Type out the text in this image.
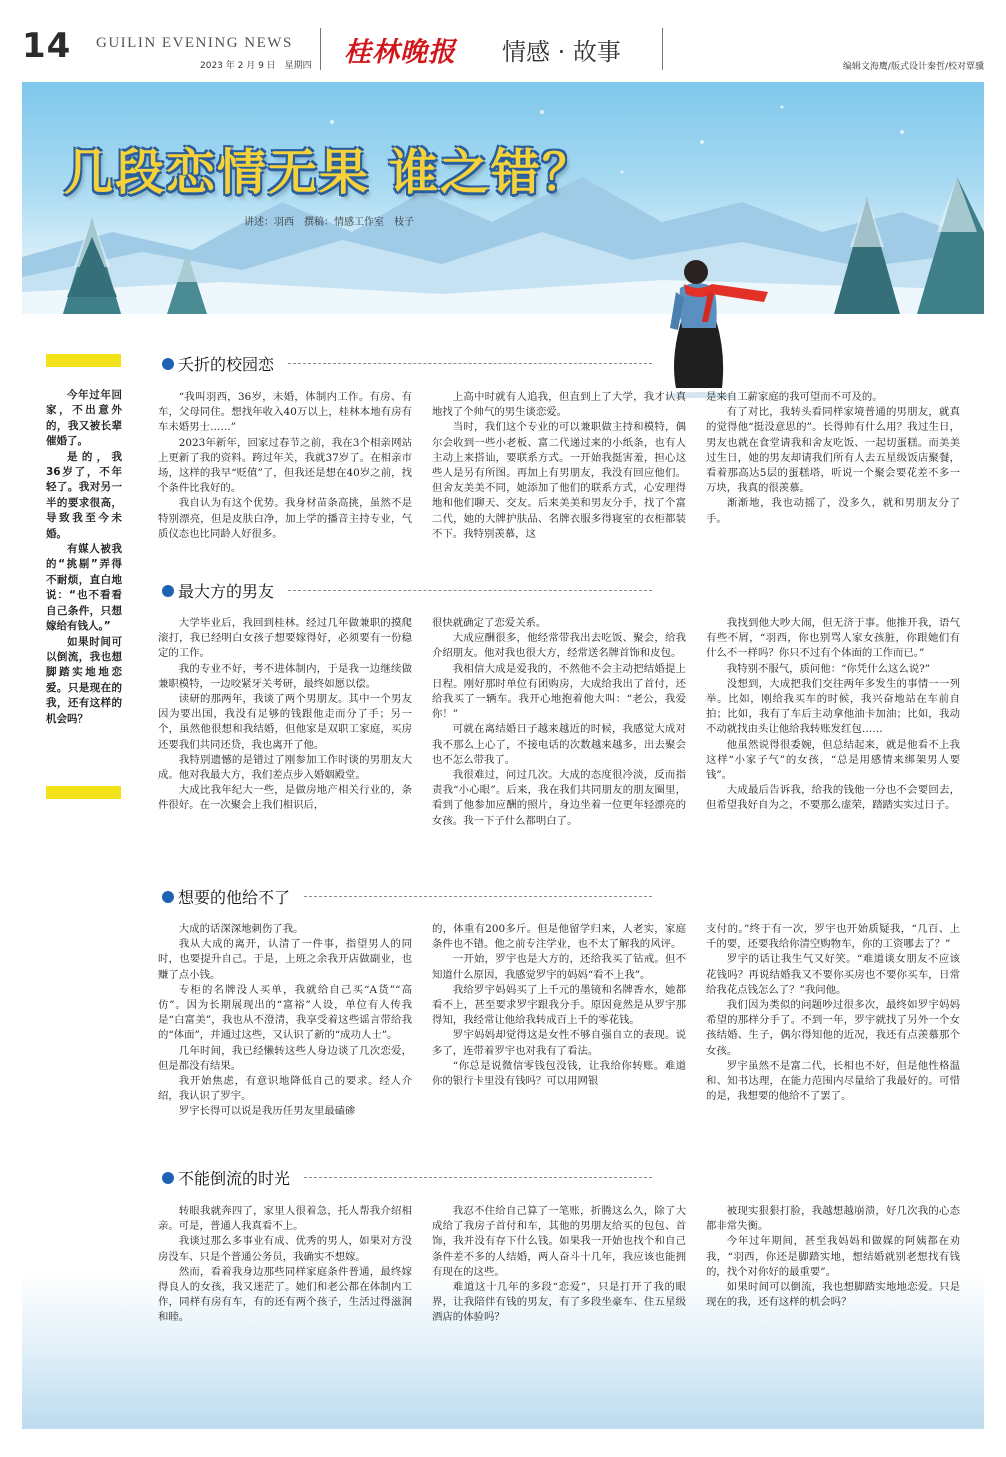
14 GUILIN EVENING NEWS
2023 年 2 月 9 日　星期四 桂林晚报 情感 · 故事
编辑文海鹰/版式设计秦哲/校对覃骥
几段恋情无果 谁之错？
讲述：羽西　撰稿：情感工作室　枝子

今年过年回家，不出意外的，我又被长辈催婚了。

是的，我36岁了，不年轻了。我对另一半的要求很高，导致我至今未婚。

有媒人被我的“挑剔”弄得不耐烦，直白地说：“也不看看自己条件，只想嫁给有钱人。”

如果时间可以倒流，我也想脚踏实地地恋爱。只是现在的我，还有这样的机会吗？

夭折的校园恋

“我叫羽西，36岁，未婚，体制内工作。有房、有车，父母同住。想找年收入40万以上，桂林本地有房有车未婚男士……”

2023年新年，回家过春节之前，我在3个相亲网站上更新了我的资料。跨过年关，我就37岁了。在相亲市场，这样的我早“贬值”了，但我还是想在40岁之前，找个条件比我好的。

我自认为有这个优势。我身材苗条高挑，虽然不是特别漂亮，但是皮肤白净，加上学的播音主持专业，气质仪态也比同龄人好很多。

上高中时就有人追我，但直到上了大学，我才认真地找了个帅气的男生谈恋爱。

当时，我们这个专业的可以兼职做主持和模特，偶尔会收到一些小老板、富二代递过来的小纸条，也有人主动上来搭讪，要联系方式。一开始我挺害羞，担心这些人是另有所图。再加上有男朋友，我没有回应他们。但舍友美美不同，她添加了他们的联系方式，心安理得地和他们聊天、交友。后来美美和男友分手，找了个富二代，她的大牌护肤品、名牌衣服多得寝室的衣柜都装不下。我特别羡慕，这

是来自工薪家庭的我可望而不可及的。

有了对比，我转头看同样家境普通的男朋友，就真的觉得他“挺没意思的”。长得帅有什么用？我过生日，男友也就在食堂请我和舍友吃饭、一起切蛋糕。而美美过生日，她的男友却请我们所有人去五星级饭店聚餐，看着那高达5层的蛋糕塔，听说一个聚会要花差不多一万块，我真的很羡慕。

渐渐地，我也动摇了，没多久，就和男朋友分了手。

最大方的男友

大学毕业后，我回到桂林。经过几年做兼职的摸爬滚打，我已经明白女孩子想要嫁得好，必须要有一份稳定的工作。

我的专业不好，考不进体制内，于是我一边继续做兼职模特，一边咬紧牙关考研，最终如愿以偿。

读研的那两年，我谈了两个男朋友。其中一个男友因为要出国，我没有足够的钱跟他走而分了手；另一个，虽然他很想和我结婚，但他家是双职工家庭，买房还要我们共同还贷，我也离开了他。

我特别遗憾的是错过了刚参加工作时谈的男朋友大成。他对我最大方，我们差点步入婚姻殿堂。

大成比我年纪大一些，是做房地产相关行业的，条件很好。在一次聚会上我们相识后，

很快就确定了恋爱关系。

大成应酬很多，他经常带我出去吃饭、聚会，给我介绍朋友。他对我也很大方，经常送名牌首饰和皮包。

我相信大成是爱我的，不然他不会主动把结婚提上日程。刚好那时单位有团购房，大成给我出了首付，还给我买了一辆车。我开心地抱着他大叫：“老公，我爱你！”

可就在离结婚日子越来越近的时候，我感觉大成对我不那么上心了，不接电话的次数越来越多，出去聚会也不怎么带我了。

我很难过，问过几次。大成的态度很冷淡，反而指责我“小心眼”。后来，我在我们共同朋友的朋友圈里，看到了他参加应酬的照片，身边坐着一位更年轻漂亮的女孩。我一下子什么都明白了。

我找到他大吵大闹，但无济于事。他推开我，语气有些不屑，“羽西，你也别骂人家女孩脏，你跟她们有什么不一样吗？你只不过有个体面的工作而已。”

我特别不服气，质问他：“你凭什么这么说?”

没想到，大成把我们交往两年多发生的事情一一列举。比如，刚给我买车的时候，我兴奋地站在车前自拍；比如，我有了车后主动拿他油卡加油；比如，我动不动就找由头让他给我转账发红包……

他虽然说得很委婉，但总结起来，就是他看不上我这样“小家子气”的女孩，“总是用感情来绑架男人要钱”。

大成最后告诉我，给我的钱他一分也不会要回去，但希望我好自为之，不要那么虚荣，踏踏实实过日子。

想要的他给不了

大成的话深深地刺伤了我。

我从大成的离开，认清了一件事，指望男人的同时，也要提升自己。于是，上班之余我开店做副业，也赚了点小钱。

专柜的名牌没人买单，我就给自己买“A货”“高仿”。因为长期展现出的“富裕”人设，单位有人传我是“白富美”，我也从不澄清，我享受着这些谣言带给我的“体面”，并通过这些，又认识了新的“成功人士”。

几年时间，我已经懒转这些人身边谈了几次恋爱，但是都没有结果。

我开始焦虑，有意识地降低自己的要求。经人介绍，我认识了罗宇。

罗宇长得可以说是我历任男友里最磕碜

的，体重有200多斤。但是他留学归来，人老实，家庭条件也不错。他之前专注学业，也不太了解我的风评。

一开始，罗宇也是大方的，还给我买了钻戒。但不知道什么原因，我感觉罗宇的妈妈“看不上我”。

我给罗宇妈妈买了上千元的墨镜和名牌香水，她都看不上，甚至要求罗宇跟我分手。原因竟然是从罗宇那得知，我经常让他给我转成百上千的零花钱。

罗宇妈妈却觉得这是女性不够自强自立的表现。说多了，连带着罗宇也对我有了看法。

“你总是说微信零钱包没钱，让我给你转账。难道你的银行卡里没有钱吗？可以用网银

支付的。”终于有一次，罗宇也开始质疑我，“几百、上千的要，还要我给你清空购物车，你的工资哪去了？”

罗宇的话让我生气又好笑。“难道谈女朋友不应该花钱吗？再说结婚我又不要你买房也不要你买车，日常给我花点钱怎么了？”我问他。

我们因为类似的问题吵过很多次，最终如罗宇妈妈希望的那样分手了。不到一年，罗宇就找了另外一个女孩结婚、生子，偶尔得知他的近况，我还有点羡慕那个女孩。

罗宇虽然不是富二代，长相也不好，但是他性格温和、知书达理，在能力范围内尽量给了我最好的。可惜的是，我想要的他给不了罢了。

不能倒流的时光

转眼我就奔四了，家里人很着急，托人帮我介绍相亲。可是，普通人我真看不上。

我谈过那么多事业有成、优秀的男人，如果对方没房没车、只是个普通公务员，我确实不想嫁。

然而，看着我身边那些同样家庭条件普通，最终嫁得良人的女孩，我又迷茫了。她们和老公都在体制内工作，同样有房有车，有的还有两个孩子，生活过得滋润和睦。

我忍不住给自己算了一笔账，折腾这么久，除了大成给了我房子首付和车，其他的男朋友给买的包包、首饰，我并没有存下什么钱。如果我一开始也找个和自己条件差不多的人结婚，两人奋斗十几年，我应该也能拥有现在的这些。

难道这十几年的多段“恋爱”，只是打开了我的眼界，让我陪伴有钱的男友，有了多段坐豪车、住五星级酒店的体验吗？

被现实狠狠打脸，我越想越崩溃，好几次我的心态都非常失衡。

今年过年期间，甚至我妈妈和做媒的阿姨都在劝我，“羽西，你还是脚踏实地，想结婚就别老想找有钱的，找个对你好的最重要”。

如果时间可以倒流，我也想脚踏实地地恋爱。只是现在的我，还有这样的机会吗？
